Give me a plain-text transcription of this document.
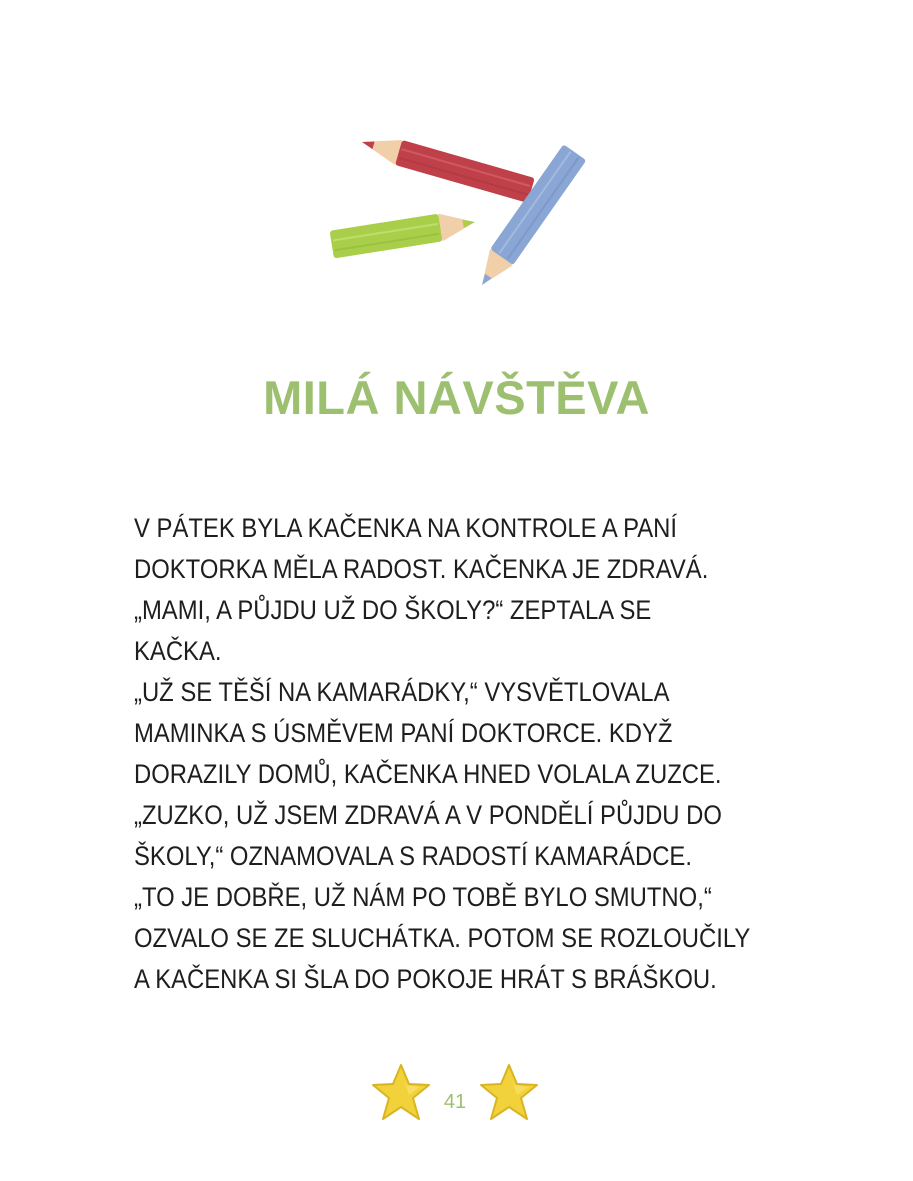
MILÁ NÁVŠTĚVA
V PÁTEK BYLA KAČENKA NA KONTROLE A PANÍ
DOKTORKA MĚLA RADOST. KAČENKA JE ZDRAVÁ.
„MAMI, A PŮJDU UŽ DO ŠKOLY?“ ZEPTALA SE
KAČKA.
„UŽ SE TĚŠÍ NA KAMARÁDKY,“ VYSVĚTLOVALA
MAMINKA S ÚSMĚVEM PANÍ DOKTORCE. KDYŽ
DORAZILY DOMŮ, KAČENKA HNED VOLALA ZUZCE.
„ZUZKO, UŽ JSEM ZDRAVÁ A V PONDĚLÍ PŮJDU DO
ŠKOLY,“ OZNAMOVALA S RADOSTÍ KAMARÁDCE.
„TO JE DOBŘE, UŽ NÁM PO TOBĚ BYLO SMUTNO,“
OZVALO SE ZE SLUCHÁTKA. POTOM SE ROZLOUČILY
A KAČENKA SI ŠLA DO POKOJE HRÁT S BRÁŠKOU.
41
